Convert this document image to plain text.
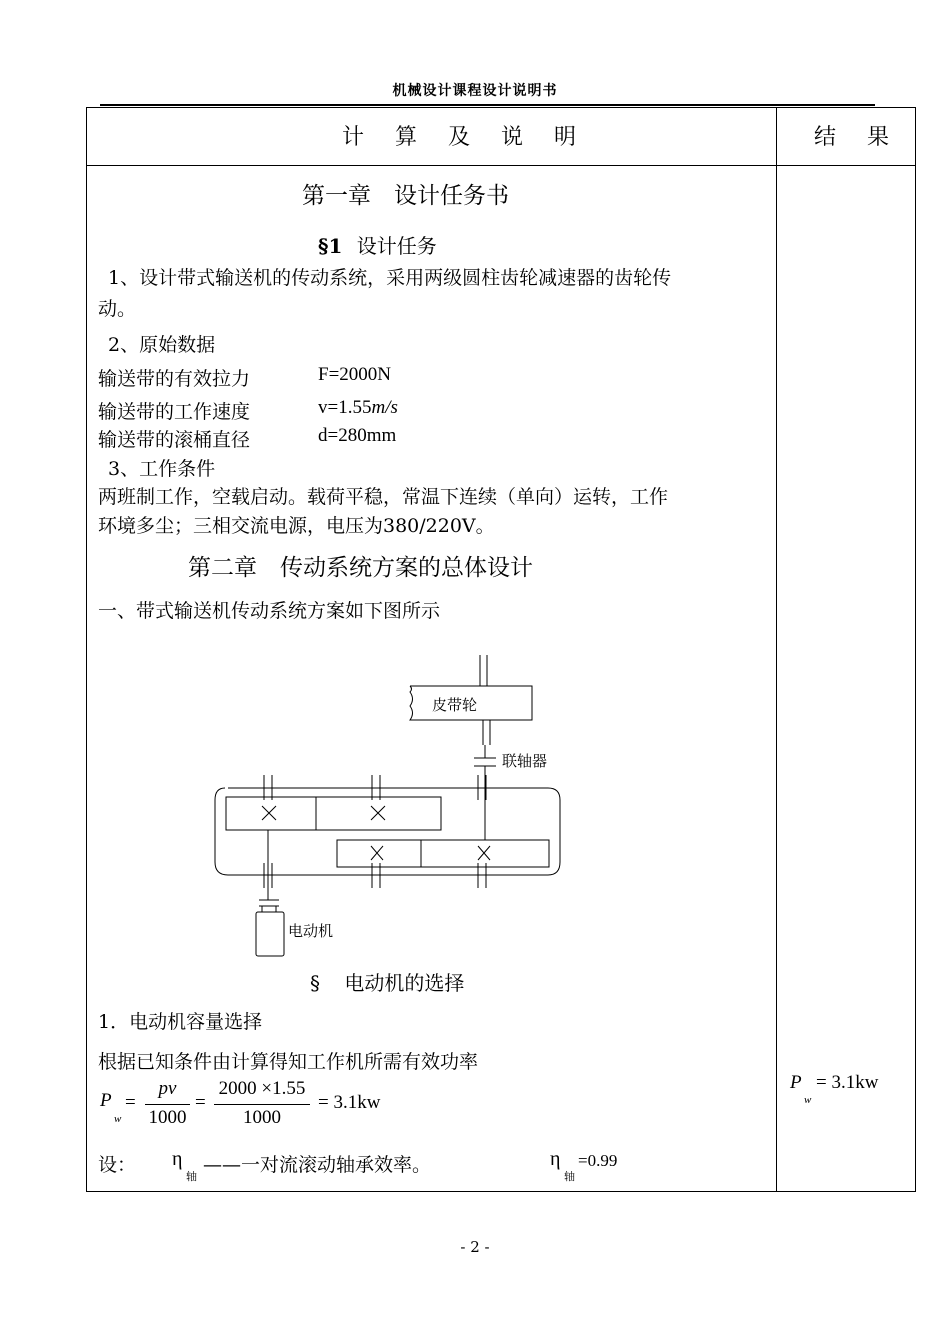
机械设计课程设计说明书
计 算 及 说 明	结 果
第一章　设计任务书
§1 设计任务
1、设计带式输送机的传动系统，采用两级圆柱齿轮减速器的齿轮传
动。
2、原始数据
输送带的有效拉力	F=2000N
输送带的工作速度	v=1.55m/s
输送带的滚桶直径	d=280mm
3、工作条件
两班制工作，空载启动。载荷平稳，常温下连续（单向）运转，工作
环境多尘；三相交流电源，电压为380/220V。
第二章　传动系统方案的总体设计
一、带式输送机传动系统方案如下图所示
皮带轮
联轴器
电动机
§ 电动机的选择
1．电动机容量选择
根据已知条件由计算得知工作机所需有效功率
P
w
=
pv
1000
=
2000 ×1.55
1000
= 3.1kw
设： η
轴
——一对流滚动轴承效率。	η
轴
=0.99
P
w
= 3.1kw
- 2 -
